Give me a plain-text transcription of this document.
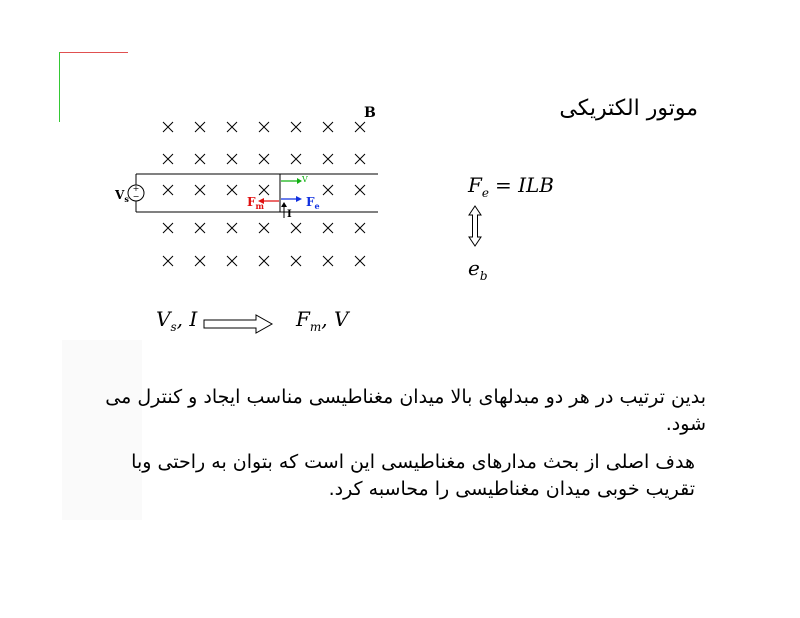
موتور الکتریکی
+
−
$V_s$
B
$F_m$	$F_e$
V
I
$F_e$ = ILB
$e_b$
$V_s$, I	$F_m$, V
بدین ترتیب در هر دو مبدلهای بالا میدان مغناطیسی مناسب ایجاد و کنترل می شود.
هدف اصلی از بحث مدارهای مغناطیسی این است که بتوان به راحتی وبا تقریب خوبی میدان مغناطیسی را محاسبه کرد.
